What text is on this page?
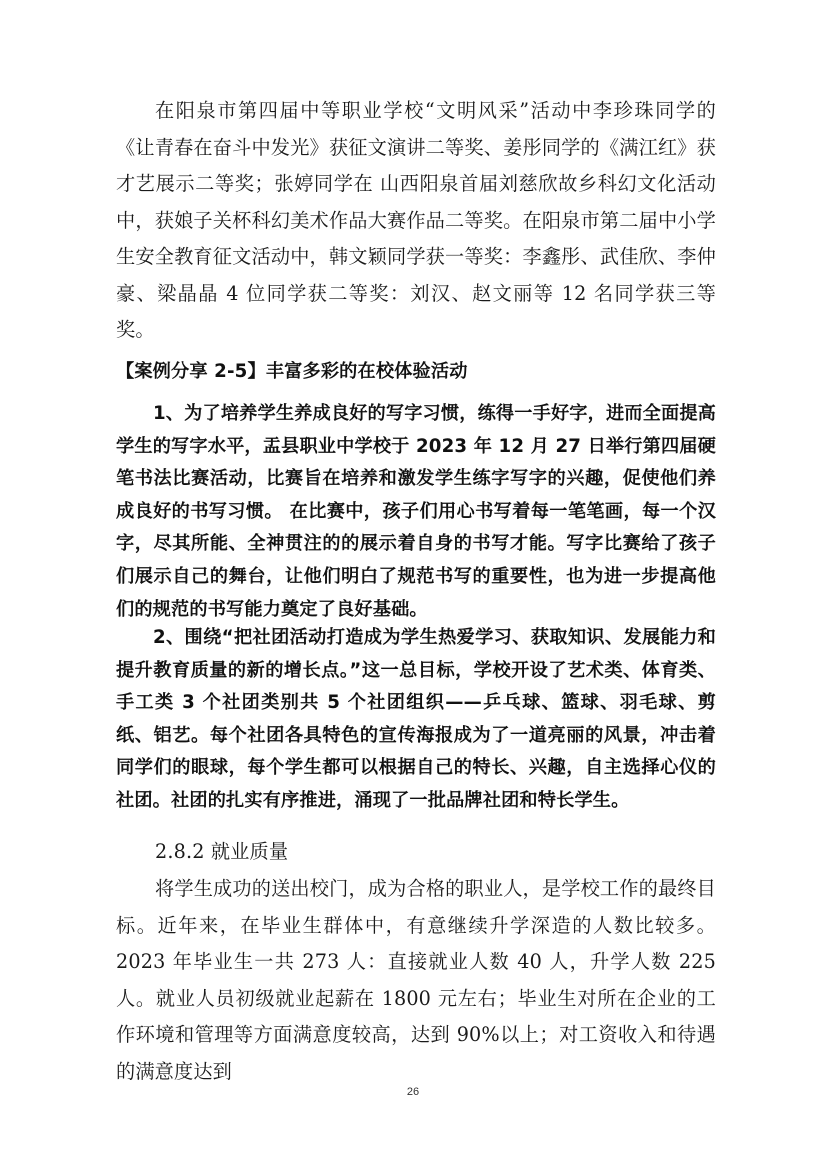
在阳泉市第四届中等职业学校“文明风采”活动中李珍珠同学的《让青春在奋斗中发光》获征文演讲二等奖、姜彤同学的《满江红》获才艺展示二等奖；张婷同学在 山西阳泉首届刘慈欣故乡科幻文化活动中，获娘子关杯科幻美术作品大赛作品二等奖。在阳泉市第二届中小学生安全教育征文活动中，韩文颖同学获一等奖：李鑫彤、武佳欣、李仲豪、梁晶晶 4 位同学获二等奖：刘汉、赵文丽等 12 名同学获三等奖。

【案例分享 2-5】丰富多彩的在校体验活动

1、为了培养学生养成良好的写字习惯，练得一手好字，进而全面提高学生的写字水平，盂县职业中学校于 2023 年 12 月 27 日举行第四届硬笔书法比赛活动，比赛旨在培养和激发学生练字写字的兴趣，促使他们养成良好的书写习惯。 在比赛中，孩子们用心书写着每一笔笔画，每一个汉字，尽其所能、全神贯注的的展示着自身的书写才能。写字比赛给了孩子们展示自己的舞台，让他们明白了规范书写的重要性，也为进一步提高他们的规范的书写能力奠定了良好基础。

2、围绕“把社团活动打造成为学生热爱学习、获取知识、发展能力和提升教育质量的新的增长点。”这一总目标，学校开设了艺术类、体育类、手工类 3 个社团类别共 5 个社团组织——乒乓球、篮球、羽毛球、剪纸、铝艺。每个社团各具特色的宣传海报成为了一道亮丽的风景，冲击着同学们的眼球，每个学生都可以根据自己的特长、兴趣，自主选择心仪的社团。社团的扎实有序推进，涌现了一批品牌社团和特长学生。

2.8.2 就业质量

将学生成功的送出校门，成为合格的职业人，是学校工作的最终目标。近年来，在毕业生群体中，有意继续升学深造的人数比较多。2023 年毕业生一共 273 人：直接就业人数 40 人，升学人数 225 人。就业人员初级就业起薪在 1800 元左右；毕业生对所在企业的工作环境和管理等方面满意度较高，达到 90%以上；对工资收入和待遇的满意度达到

26
